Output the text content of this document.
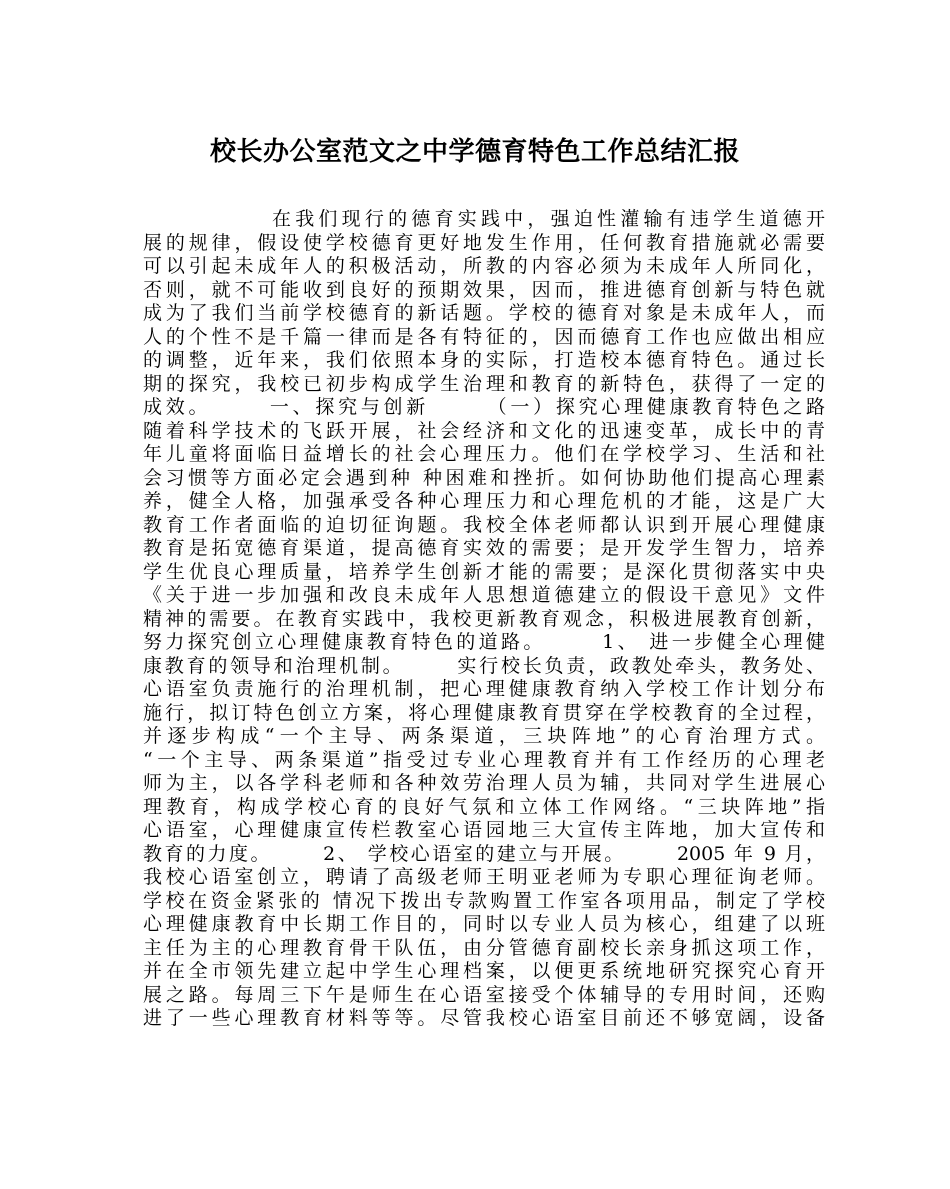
校长办公室范文之中学德育特色工作总结汇报
在我们现行的德育实践中，强迫性灌输有违学生道德开
展的规律，假设使学校德育更好地发生作用，任何教育措施就必需要
可以引起未成年人的积极活动，所教的内容必须为未成年人所同化，
否则，就不可能收到良好的预期效果，因而，推进德育创新与特色就
成为了我们当前学校德育的新话题。学校的德育对象是未成年人，而
人的个性不是千篇一律而是各有特征的，因而德育工作也应做出相应
的调整，近年来，我们依照本身的实际，打造校本德育特色。通过长
期的探究，我校已初步构成学生治理和教育的新特色，获得了一定的
成效。      一、探究与创新      （一）探究心理健康教育特色之路
随着科学技术的飞跃开展，社会经济和文化的迅速变革，成长中的青
年儿童将面临日益增长的社会心理压力。他们在学校学习、生活和社
会习惯等方面必定会遇到种 种困难和挫折。如何协助他们提高心理素
养，健全人格，加强承受各种心理压力和心理危机的才能，这是广大
教育工作者面临的迫切征询题。我校全体老师都认识到开展心理健康
教育是拓宽德育渠道，提高德育实效的需要；是开发学生智力，培养
学生优良心理质量，培养学生创新才能的需要；是深化贯彻落实中央
《关于进一步加强和改良未成年人思想道德建立的假设干意见》文件
精神的需要。在教育实践中，我校更新教育观念，积极进展教育创新，
努力探究创立心理健康教育特色的道路。      1、 进一步健全心理健
康教育的领导和治理机制。      实行校长负责，政教处牵头，教务处、
心语室负责施行的治理机制，把心理健康教育纳入学校工作计划分布
施行，拟订特色创立方案，将心理健康教育贯穿在学校教育的全过程，
并逐步构成“一个主导、两条渠道，三块阵地”的心育治理方式。
“一个主导、两条渠道”指受过专业心理教育并有工作经历的心理老
师为主，以各学科老师和各种效劳治理人员为辅，共同对学生进展心
理教育，构成学校心育的良好气氛和立体工作网络。“三块阵地”指
心语室，心理健康宣传栏教室心语园地三大宣传主阵地，加大宣传和
教育的力度。      2、 学校心语室的建立与开展。      2005 年 9 月，
我校心语室创立，聘请了高级老师王明亚老师为专职心理征询老师。
学校在资金紧张的 情况下拨出专款购置工作室各项用品，制定了学校
心理健康教育中长期工作目的，同时以专业人员为核心，组建了以班
主任为主的心理教育骨干队伍，由分管德育副校长亲身抓这项工作，
并在全市领先建立起中学生心理档案，以便更系统地研究探究心育开
展之路。每周三下午是师生在心语室接受个体辅导的专用时间，还购
进了一些心理教育材料等等。尽管我校心语室目前还不够宽阔，设备
